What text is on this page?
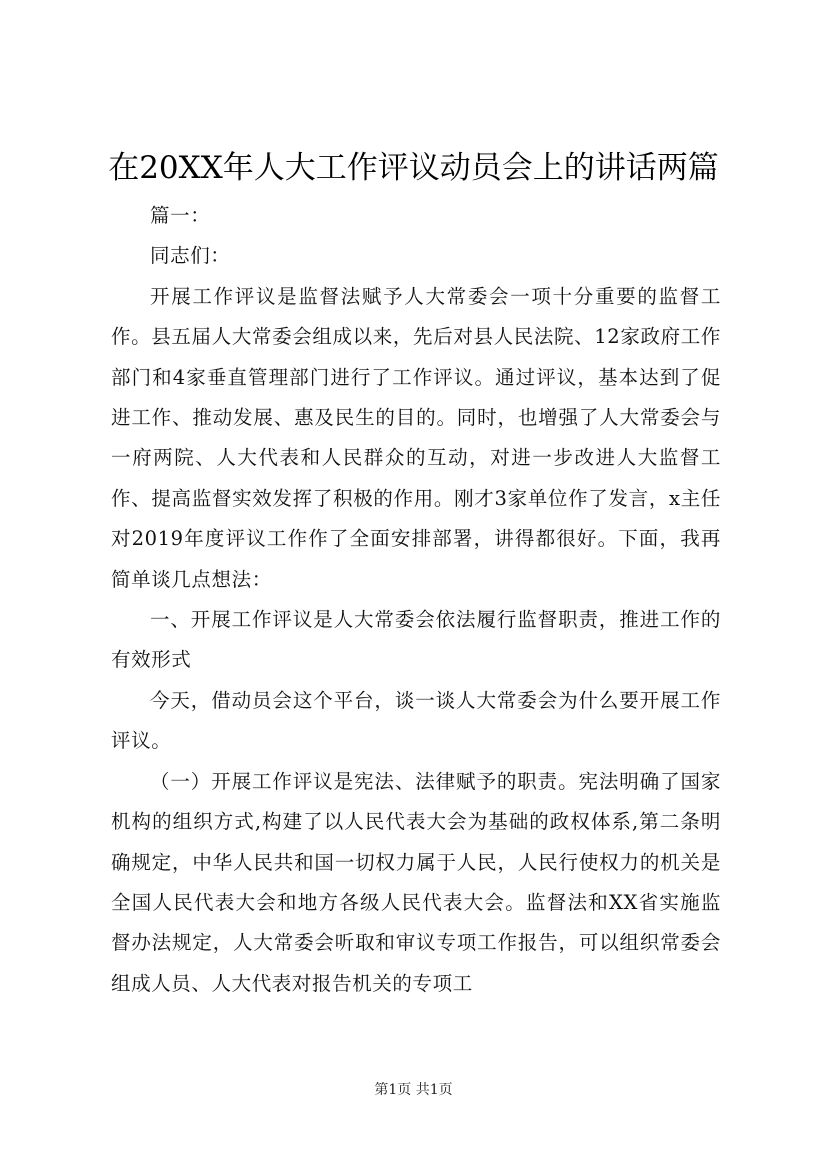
在20XX年人大工作评议动员会上的讲话两篇

篇一：

同志们：

开展工作评议是监督法赋予人大常委会一项十分重要的监督工作。县五届人大常委会组成以来，先后对县人民法院、12家政府工作部门和4家垂直管理部门进行了工作评议。通过评议，基本达到了促进工作、推动发展、惠及民生的目的。同时，也增强了人大常委会与一府两院、人大代表和人民群众的互动，对进一步改进人大监督工作、提高监督实效发挥了积极的作用。刚才3家单位作了发言，x主任对2019年度评议工作作了全面安排部署，讲得都很好。下面，我再简单谈几点想法：

一、开展工作评议是人大常委会依法履行监督职责，推进工作的有效形式

今天，借动员会这个平台，谈一谈人大常委会为什么要开展工作评议。

（一）开展工作评议是宪法、法律赋予的职责。宪法明确了国家机构的组织方式,构建了以人民代表大会为基础的政权体系,第二条明确规定，中华人民共和国一切权力属于人民，人民行使权力的机关是全国人民代表大会和地方各级人民代表大会。监督法和XX省实施监督办法规定，人大常委会听取和审议专项工作报告，可以组织常委会组成人员、人大代表对报告机关的专项工

第1页 共1页
